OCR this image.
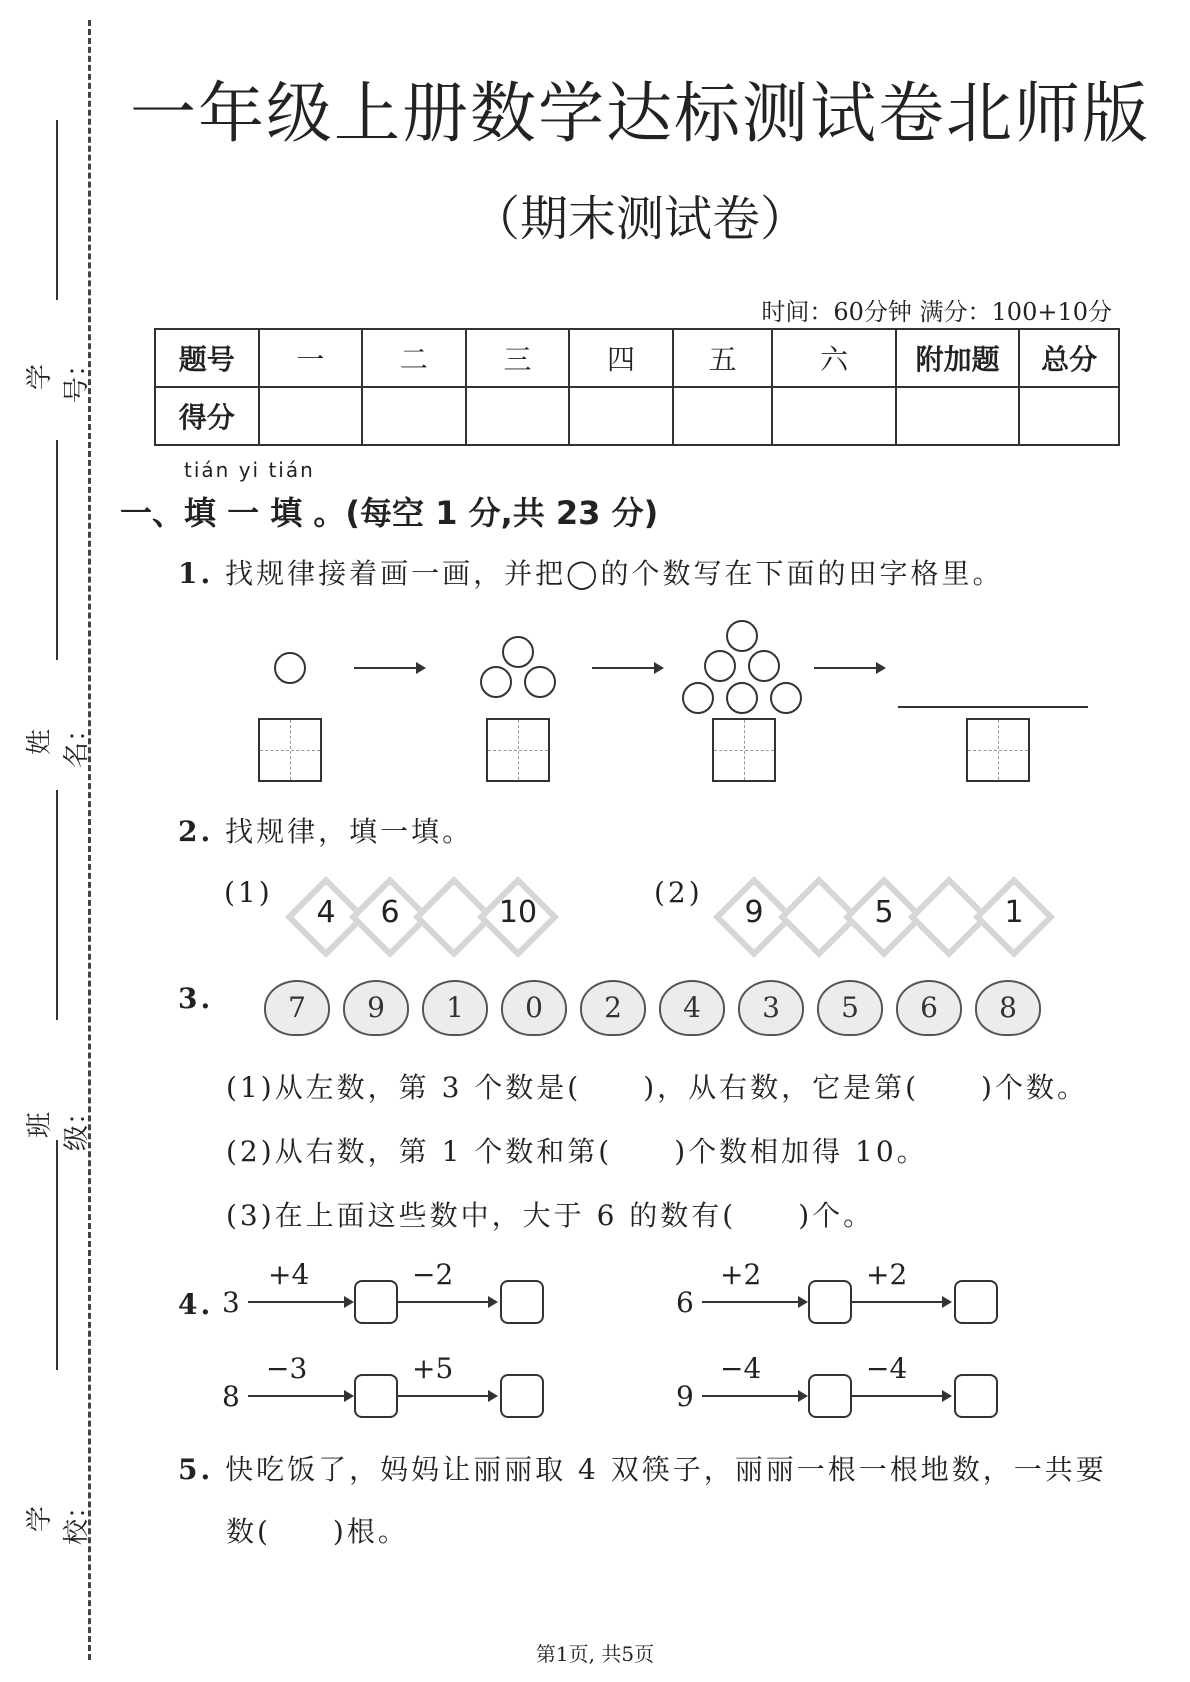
学号：
姓名：
班级：
学校：
一年级上册数学达标测试卷北师版
（期末测试卷）
时间：60分钟 满分：100+10分
题号	一	二	三	四	五	六	附加题	总分
得分								
tián yi tián
一、填 一 填 。(每空 1 分,共 23 分)
1. 找规律接着画一画，并把◯的个数写在下面的田字格里。
2. 找规律，填一填。
(1)
4	6	10
(2)
9	5	1
3.	7	9	1	0	2	4	3	5	6	8
(1)从左数，第 3 个数是(　　)，从右数，它是第(　　)个数。
(2)从右数，第 1 个数和第(　　)个数相加得 10。
(3)在上面这些数中，大于 6 的数有(　　)个。
4. 3
+4	−2
6
+2	+2
8
−3	+5
9
−4	−4
5. 快吃饭了，妈妈让丽丽取 4 双筷子，丽丽一根一根地数，一共要
数(　　)根。
第1页, 共5页
